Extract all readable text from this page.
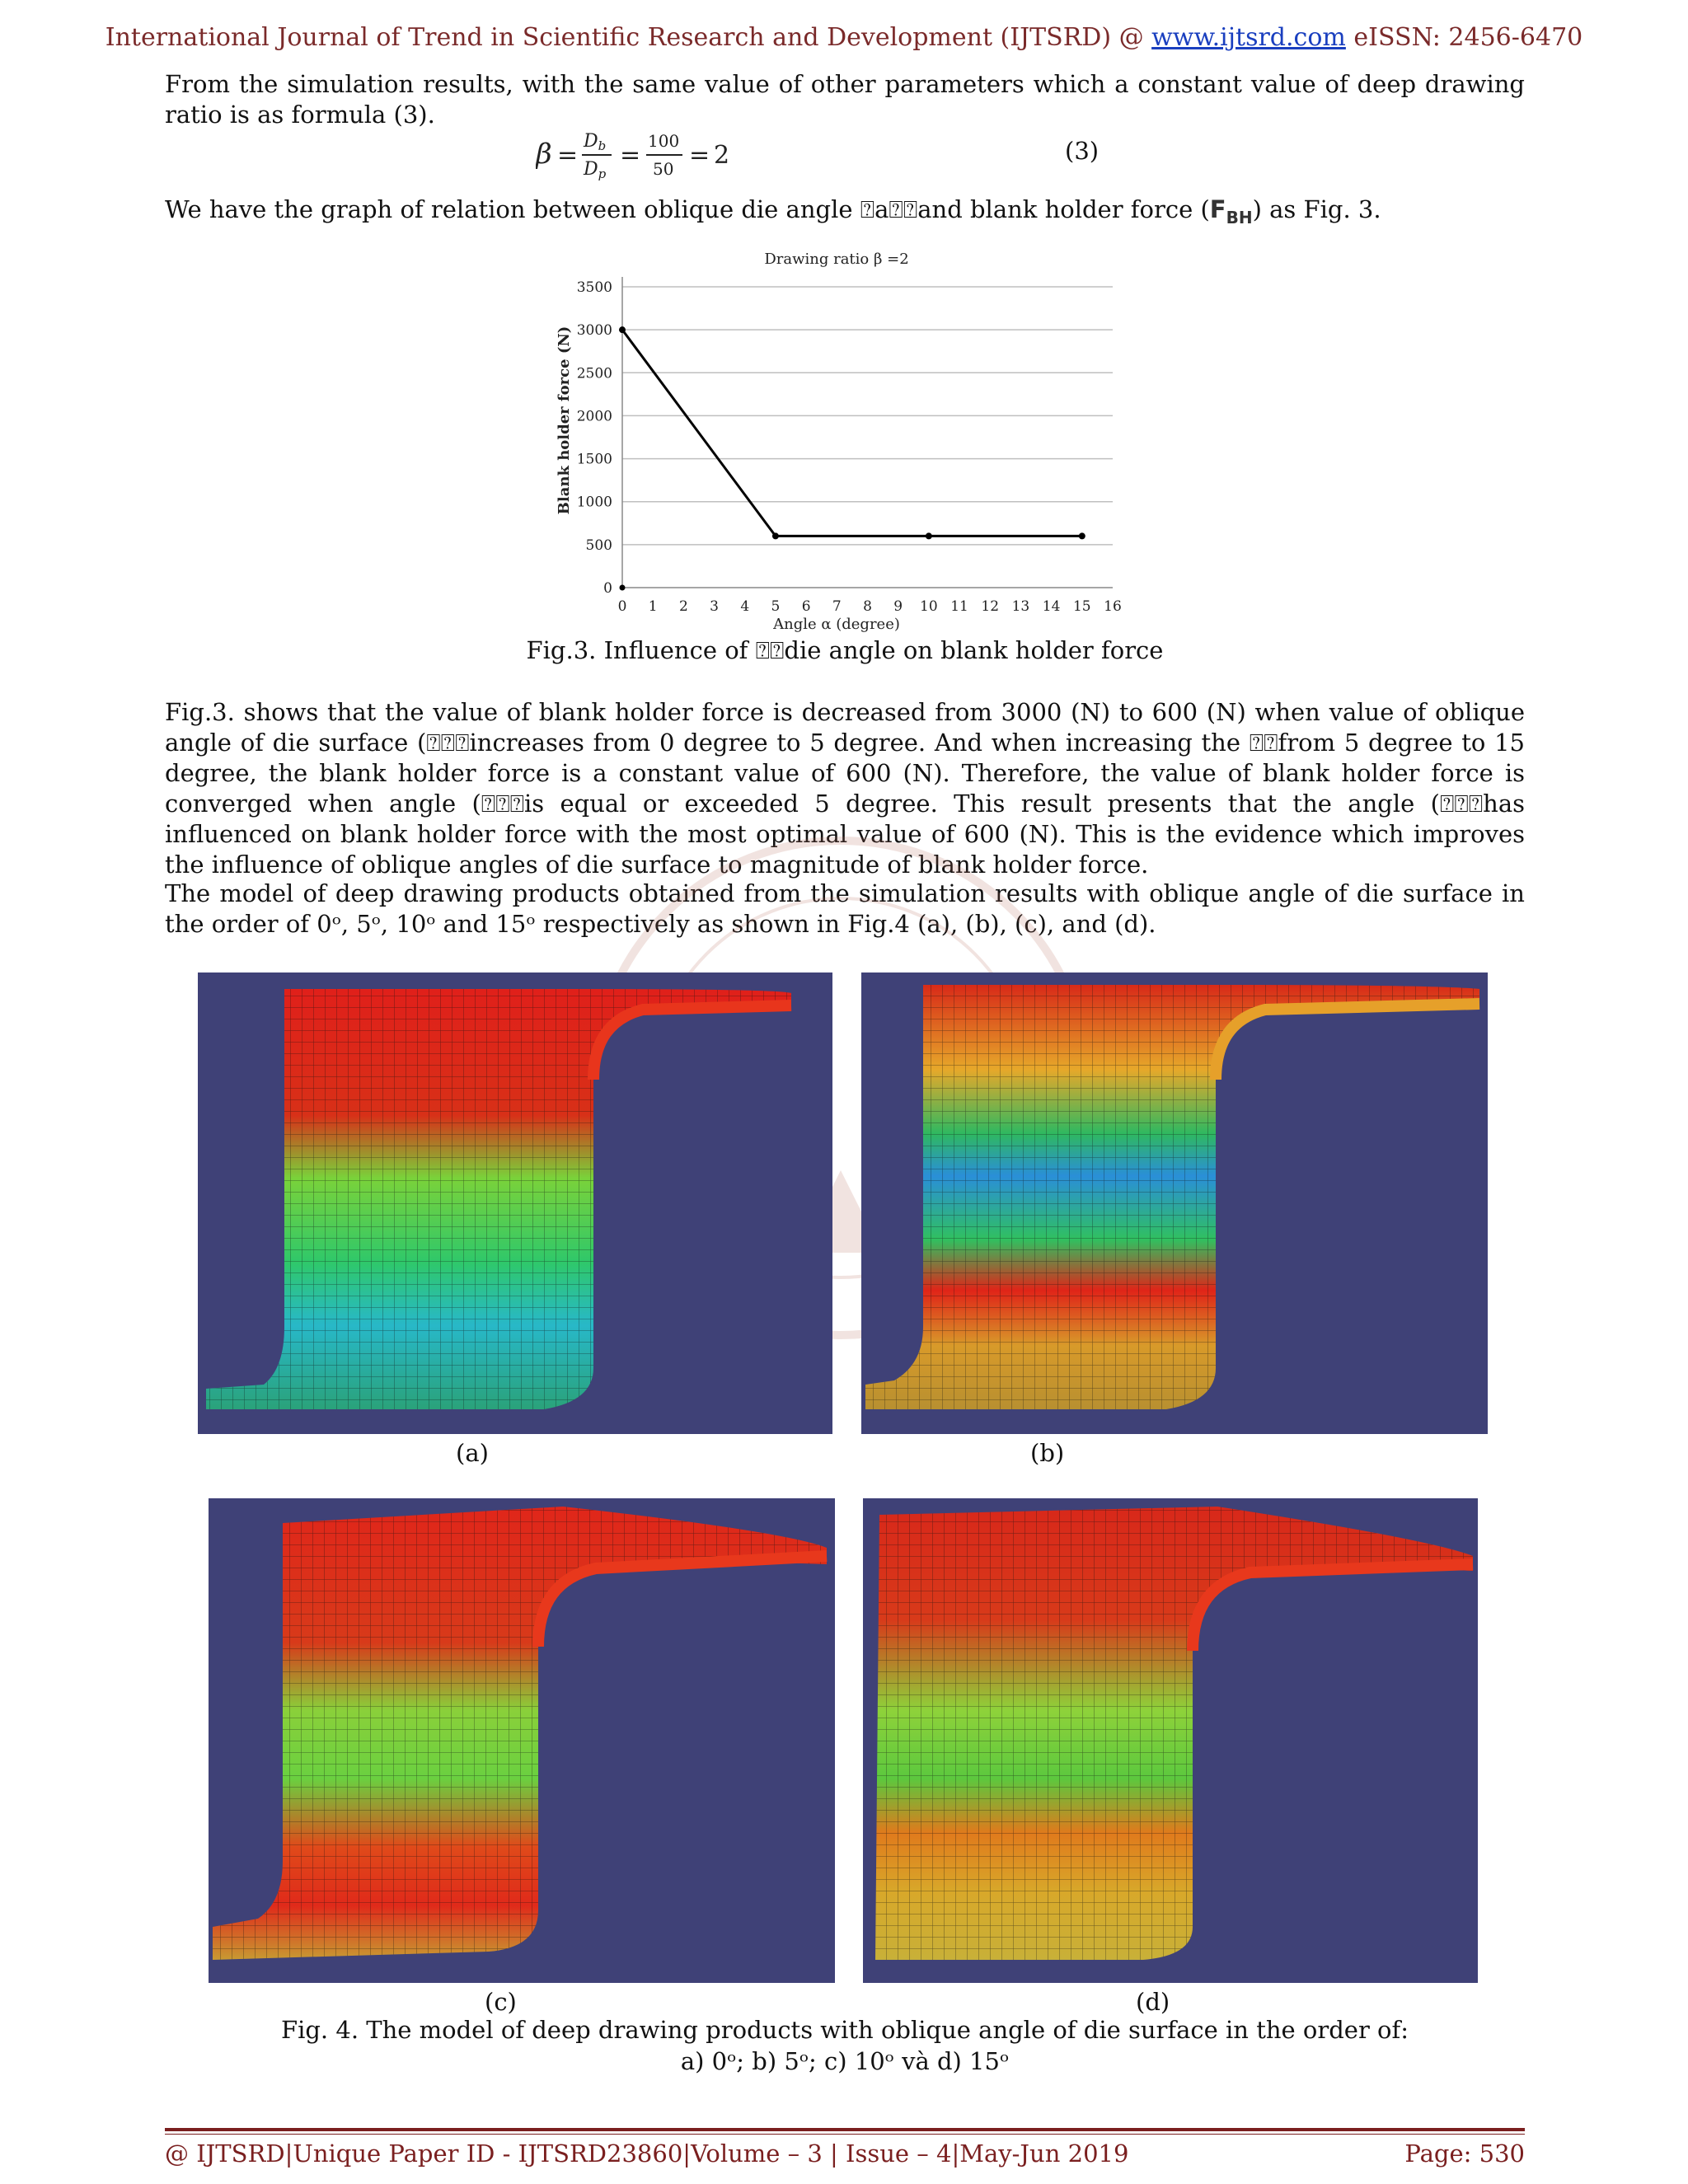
International Journal of Trend in Scientific Research and Development (IJTSRD) @ www.ijtsrd.com eISSN: 2456-6470
From the simulation results, with the same value of other parameters which a constant value of deep drawing ratio is as formula (3).
β = Db
Dp
= 100
50 = 2	(3)
We have the graph of relation between oblique die angle ⍰a⍰⍰and blank holder force $(F_{BH})$ as Fig. 3.
0
500
1000
1500
2000
2500
3000
3500
0 1 2 3 4 5 6 7 8 9 10 11 12 13 14 15 16
Drawing ratio β =2
Angle α (degree)
Blank holder force (N)
Fig.3. Influence of ⍰⍰die angle on blank holder force
Fig.3. shows that the value of blank holder force is decreased from 3000 (N) to 600 (N) when value of oblique angle of die surface (⍰⍰⍰increases from 0 degree to 5 degree. And when increasing the ⍰⍰from 5 degree to 15 degree, the blank holder force is a constant value of 600 (N). Therefore, the value of blank holder force is converged when angle (⍰⍰⍰is equal or exceeded 5 degree. This result presents that the angle (⍰⍰⍰has influenced on blank holder force with the most optimal value of 600 (N). This is the evidence which improves the influence of oblique angles of die surface to magnitude of blank holder force.
The model of deep drawing products obtained from the simulation results with oblique angle of die surface in the order of 0ᵒ, 5ᵒ, 10ᵒ and 15ᵒ respectively as shown in Fig.4 (a), (b), (c), and (d).
(a)	(b)
(c)	(d)
Fig. 4. The model of deep drawing products with oblique angle of die surface in the order of:
a) 0ᵒ; b) 5ᵒ; c) 10ᵒ và d) 15ᵒ
@ IJTSRD | Unique Paper ID - IJTSRD23860 | Volume – 3 | Issue – 4 | May-Jun 2019	Page: 530
